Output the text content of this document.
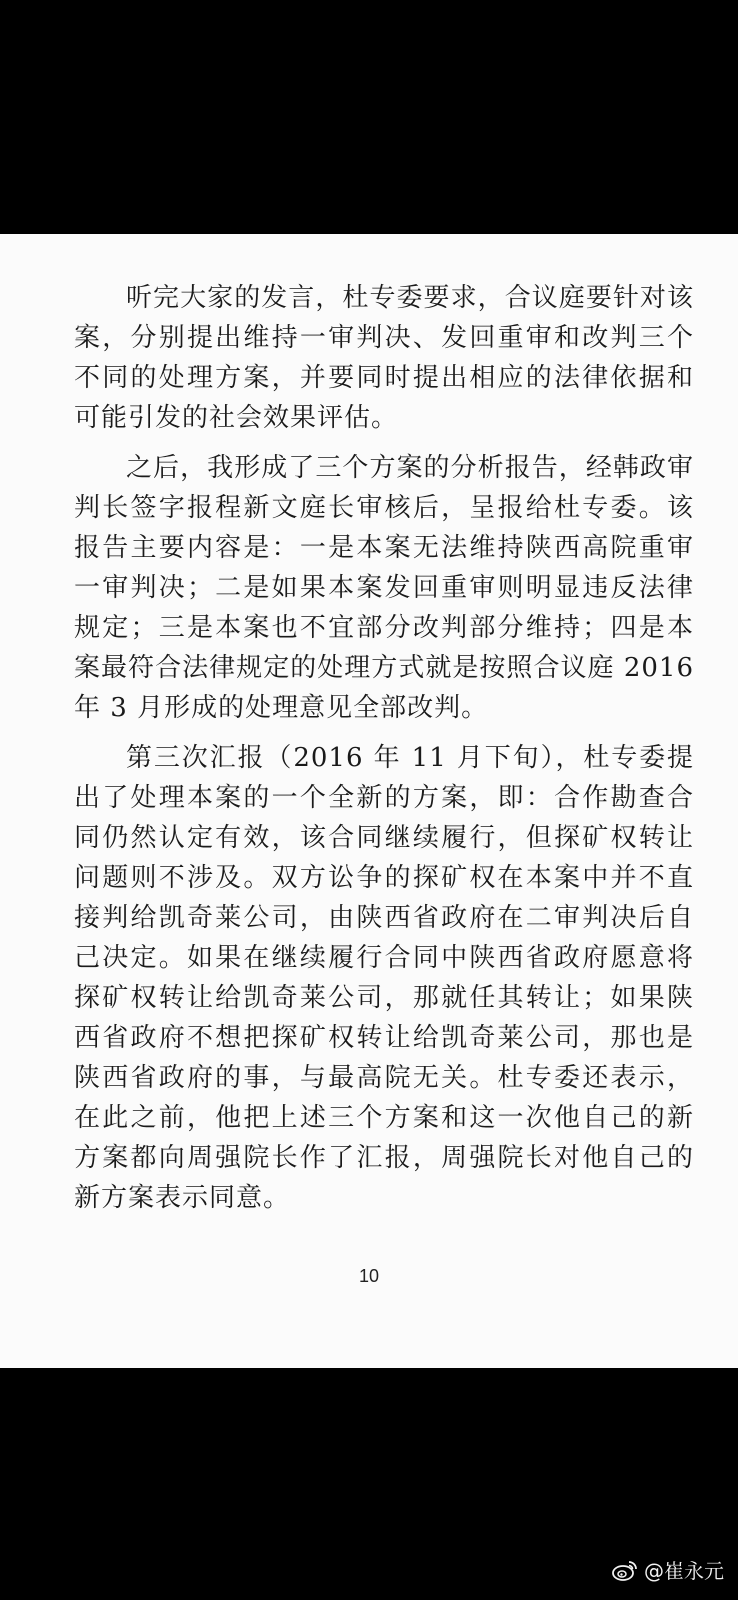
听完大家的发言，杜专委要求，合议庭要针对该案，分别提出维持一审判决、发回重审和改判三个不同的处理方案，并要同时提出相应的法律依据和可能引发的社会效果评估。

之后，我形成了三个方案的分析报告，经韩政审判长签字报程新文庭长审核后，呈报给杜专委。该报告主要内容是：一是本案无法维持陕西高院重审一审判决；二是如果本案发回重审则明显违反法律规定；三是本案也不宜部分改判部分维持；四是本案最符合法律规定的处理方式就是按照合议庭 2016 年 3 月形成的处理意见全部改判。

第三次汇报（2016 年 11 月下旬），杜专委提出了处理本案的一个全新的方案，即：合作勘查合同仍然认定有效，该合同继续履行，但探矿权转让问题则不涉及。双方讼争的探矿权在本案中并不直接判给凯奇莱公司，由陕西省政府在二审判决后自己决定。如果在继续履行合同中陕西省政府愿意将探矿权转让给凯奇莱公司，那就任其转让；如果陕西省政府不想把探矿权转让给凯奇莱公司，那也是陕西省政府的事，与最高院无关。杜专委还表示，在此之前，他把上述三个方案和这一次他自己的新方案都向周强院长作了汇报，周强院长对他自己的新方案表示同意。

10
@崔永元
